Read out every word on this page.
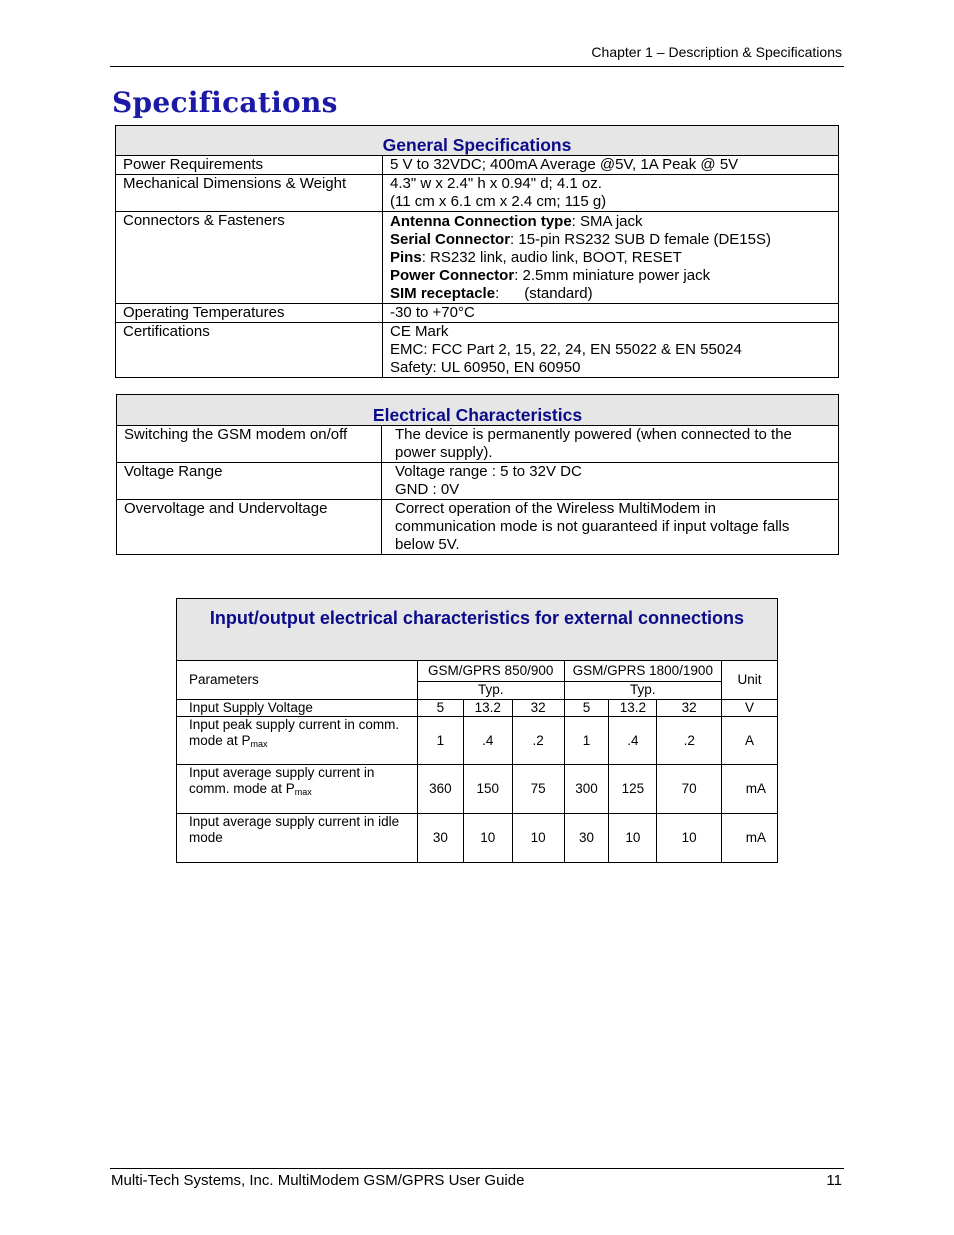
Chapter 1 – Description & Specifications
Specifications
General Specifications	
Power Requirements	5 V to 32VDC; 400mA Average @5V, 1A Peak @ 5V

Mechanical Dimensions & Weight	4.3" w x 2.4" h x 0.94" d; 4.1 oz.
(11 cm x 6.1 cm x 2.4 cm; 115 g)

Connectors & Fasteners	Antenna Connection type: SMA jack
Serial Connector: 15-pin RS232 SUB D female (DE15S)
Pins: RS232 link, audio link, BOOT, RESET
Power Connector: 2.5mm miniature power jack
SIM receptacle:      (standard)

Operating Temperatures	-30 to +70°C

Certifications	CE Mark
EMC: FCC Part 2, 15, 22, 24, EN 55022 & EN 55024
Safety: UL 60950, EN 60950
Electrical Characteristics	
Switching the GSM modem on/off	The device is permanently powered (when connected to the
power supply).

Voltage Range	Voltage range : 5 to 32V DC
GND : 0V

Overvoltage and Undervoltage	Correct operation of the Wireless MultiModem in
communication mode is not guaranteed if input voltage falls
below 5V.
Input/output electrical characteristics for external connections							
Parameters	GSM/GPRS 850/900			GSM/GPRS 1800/1900			Unit
	Typ.			Typ.			
Input Supply Voltage	5	13.2	32	5	13.2	32	V

Input peak supply current in comm.
mode at $P_{max}$	1	.4	.2	1	.4	.2	A

Input average supply current in
comm. mode at $P_{max}$	360	150	75	300	125	70	mA

Input average supply current in idle
mode	30	10	10	30	10	10	mA
Multi-Tech Systems, Inc. MultiModem GSM/GPRS User Guide	11
